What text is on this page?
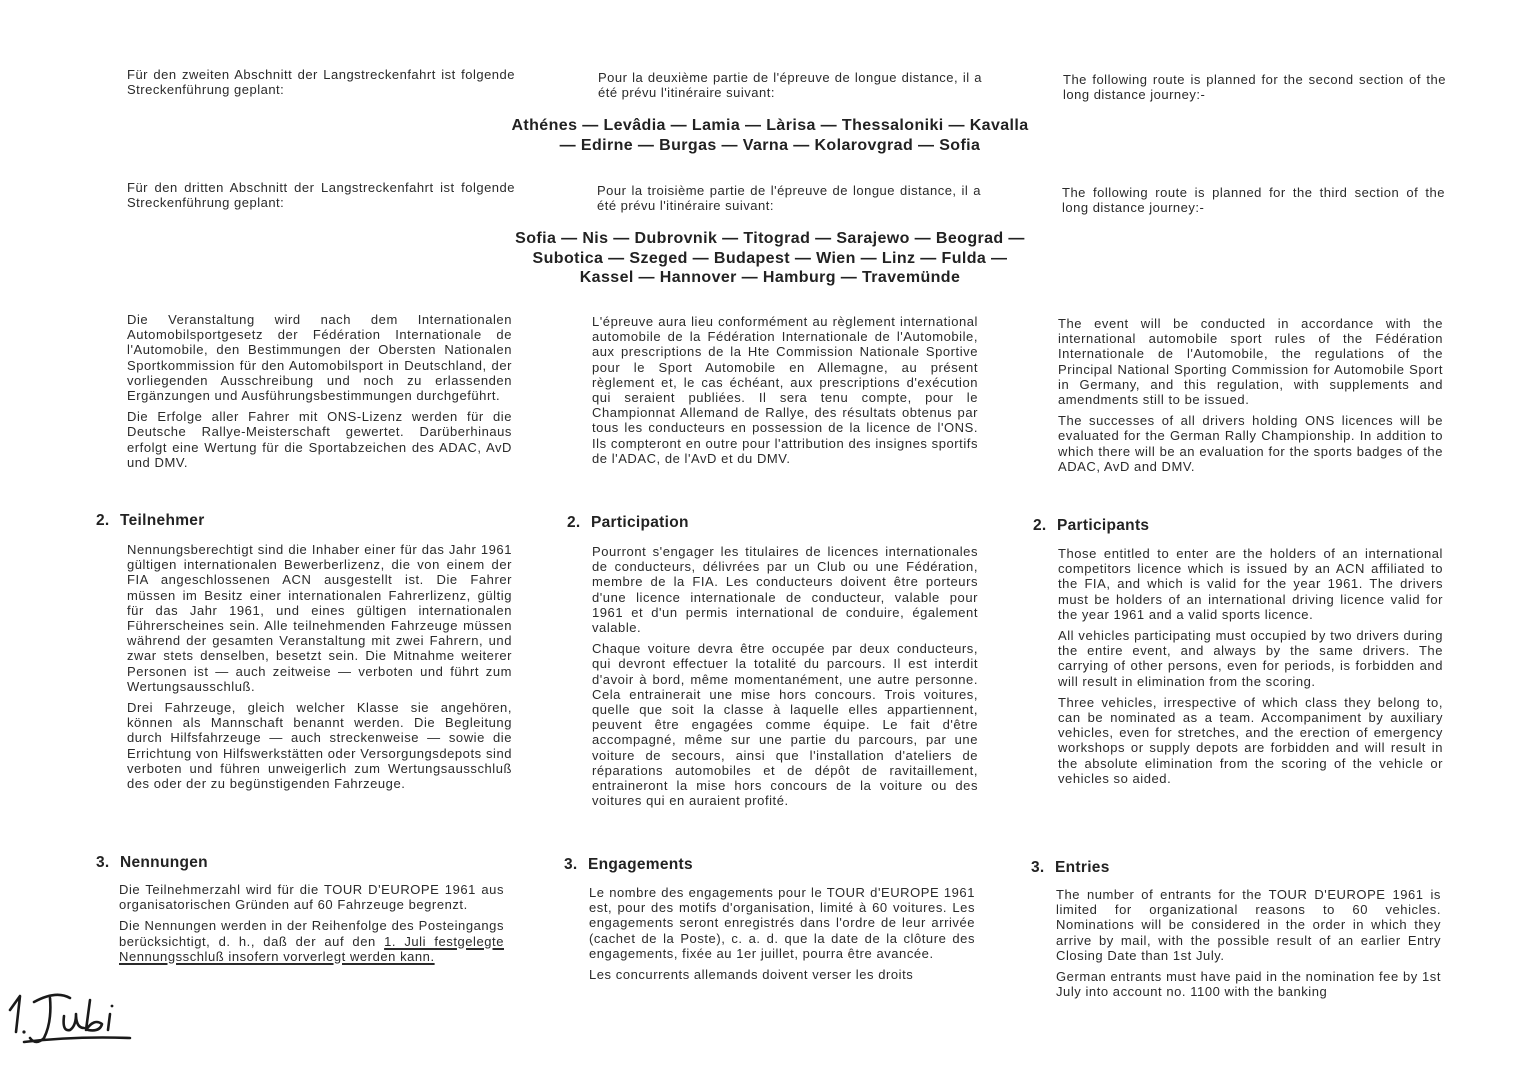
Für den zweiten Abschnitt der Langstreckenfahrt ist folgende Streckenführung geplant:
Pour la deuxième partie de l'épreuve de longue distance, il a été prévu l'itinéraire suivant:
The following route is planned for the second section of the long distance journey:-
Athénes — Levâdia — Lamia — Làrisa — Thessaloniki — Kavalla
— Edirne — Burgas — Varna — Kolarovgrad — Sofia
Für den dritten Abschnitt der Langstreckenfahrt ist folgende Streckenführung geplant:
Pour la troisième partie de l'épreuve de longue distance, il a été prévu l'itinéraire suivant:
The following route is planned for the third section of the long distance journey:-
Sofia — Nis — Dubrovnik — Titograd — Sarajewo — Beograd —
Subotica — Szeged — Budapest — Wien — Linz — Fulda —
Kassel — Hannover — Hamburg — Travemünde

Die Veranstaltung wird nach dem Internationalen Automobilsportgesetz der Fédération Internationale de l'Automobile, den Bestimmungen der Obersten Nationalen Sportkommission für den Automobilsport in Deutschland, der vorliegenden Ausschreibung und noch zu erlassenden Ergänzungen und Ausführungsbestimmungen durchgeführt.

Die Erfolge aller Fahrer mit ONS-Lizenz werden für die Deutsche Rallye-Meisterschaft gewertet. Darüberhinaus erfolgt eine Wertung für die Sportabzeichen des ADAC, AvD und DMV.

L'épreuve aura lieu conformément au règlement international automobile de la Fédération Internationale de l'Automobile, aux prescriptions de la Hte Commission Nationale Sportive pour le Sport Automobile en Allemagne, au présent règlement et, le cas échéant, aux prescriptions d'exécution qui seraient publiées. Il sera tenu compte, pour le Championnat Allemand de Rallye, des résultats obtenus par tous les conducteurs en possession de la licence de l'ONS. Ils compteront en outre pour l'attribution des insignes sportifs de l'ADAC, de l'AvD et du DMV.

The event will be conducted in accordance with the international automobile sport rules of the Fédération Internationale de l'Automobile, the regulations of the Principal National Sporting Commission for Automobile Sport in Germany, and this regulation, with supplements and amendments still to be issued.

The successes of all drivers holding ONS licences will be evaluated for the German Rally Championship. In addition to which there will be an evaluation for the sports badges of the ADAC, AvD and DMV.

2. Teilnehmer	2. Participation	2. Participants

Nennungsberechtigt sind die Inhaber einer für das Jahr 1961 gültigen internationalen Bewerberlizenz, die von einem der FIA angeschlossenen ACN ausgestellt ist. Die Fahrer müssen im Besitz einer internationalen Fahrerlizenz, gültig für das Jahr 1961, und eines gültigen internationalen Führerscheines sein. Alle teilnehmenden Fahrzeuge müssen während der gesamten Veranstaltung mit zwei Fahrern, und zwar stets denselben, besetzt sein. Die Mitnahme weiterer Personen ist — auch zeitweise — verboten und führt zum Wertungsausschluß.

Drei Fahrzeuge, gleich welcher Klasse sie angehören, können als Mannschaft benannt werden. Die Begleitung durch Hilfsfahrzeuge — auch streckenweise — sowie die Errichtung von Hilfswerkstätten oder Versorgungsdepots sind verboten und führen unweigerlich zum Wertungsausschluß des oder der zu begünstigenden Fahrzeuge.

Pourront s'engager les titulaires de licences internationales de conducteurs, délivrées par un Club ou une Fédération, membre de la FIA. Les conducteurs doivent être porteurs d'une licence internationale de conducteur, valable pour 1961 et d'un permis international de conduire, également valable.

Chaque voiture devra être occupée par deux conducteurs, qui devront effectuer la totalité du parcours. Il est interdit d'avoir à bord, même momentanément, une autre personne. Cela entrainerait une mise hors concours. Trois voitures, quelle que soit la classe à laquelle elles appartiennent, peuvent être engagées comme équipe. Le fait d'être accompagné, même sur une partie du parcours, par une voiture de secours, ainsi que l'installation d'ateliers de réparations automobiles et de dépôt de ravitaillement, entraineront la mise hors concours de la voiture ou des voitures qui en auraient profité.

Those entitled to enter are the holders of an international competitors licence which is issued by an ACN affiliated to the FIA, and which is valid for the year 1961. The drivers must be holders of an international driving licence valid for the year 1961 and a valid sports licence.

All vehicles participating must occupied by two drivers during the entire event, and always by the same drivers. The carrying of other persons, even for periods, is forbidden and will result in elimination from the scoring.

Three vehicles, irrespective of which class they belong to, can be nominated as a team. Accompaniment by auxiliary vehicles, even for stretches, and the erection of emergency workshops or supply depots are forbidden and will result in the absolute elimination from the scoring of the vehicle or vehicles so aided.

3. Nennungen	3. Engagements	3. Entries

Die Teilnehmerzahl wird für die TOUR D'EUROPE 1961 aus organisatorischen Gründen auf 60 Fahrzeuge begrenzt.

Die Nennungen werden in der Reihenfolge des Posteingangs berücksichtigt, d. h., daß der auf den 1. Juli festgelegte Nennungsschluß insofern vorverlegt werden kann.

Le nombre des engagements pour le TOUR d'EUROPE 1961 est, pour des motifs d'organisation, limité à 60 voitures. Les engagements seront enregistrés dans l'ordre de leur arrivée (cachet de la Poste), c. a. d. que la date de la clôture des engagements, fixée au 1er juillet, pourra être avancée.

Les concurrents allemands doivent verser les droits

The number of entrants for the TOUR D'EUROPE 1961 is limited for organizational reasons to 60 vehicles. Nominations will be considered in the order in which they arrive by mail, with the possible result of an earlier Entry Closing Date than 1st July.

German entrants must have paid in the nomination fee by 1st July into account no. 1100 with the banking
